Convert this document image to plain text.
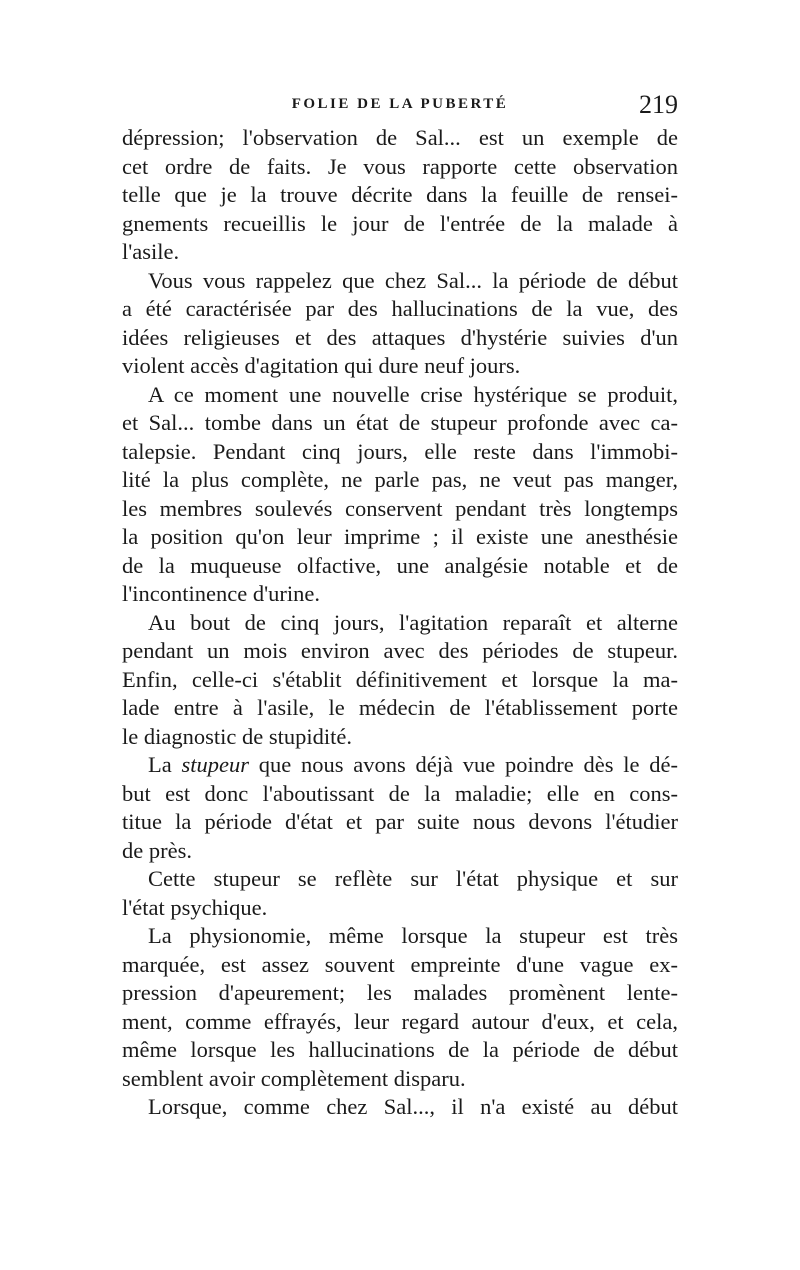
FOLIE DE LA PUBERTÉ	219
dépression; l'observation de Sal... est un exemple de
cet ordre de faits. Je vous rapporte cette observation
telle que je la trouve décrite dans la feuille de rensei-
gnements recueillis le jour de l'entrée de la malade à
l'asile.
Vous vous rappelez que chez Sal... la période de début
a été caractérisée par des hallucinations de la vue, des
idées religieuses et des attaques d'hystérie suivies d'un
violent accès d'agitation qui dure neuf jours.
A ce moment une nouvelle crise hystérique se produit,
et Sal... tombe dans un état de stupeur profonde avec ca-
talepsie. Pendant cinq jours, elle reste dans l'immobi-
lité la plus complète, ne parle pas, ne veut pas manger,
les membres soulevés conservent pendant très longtemps
la position qu'on leur imprime ; il existe une anesthésie
de la muqueuse olfactive, une analgésie notable et de
l'incontinence d'urine.
Au bout de cinq jours, l'agitation reparaît et alterne
pendant un mois environ avec des périodes de stupeur.
Enfin, celle-ci s'établit définitivement et lorsque la ma-
lade entre à l'asile, le médecin de l'établissement porte
le diagnostic de stupidité.
La stupeur que nous avons déjà vue poindre dès le dé-
but est donc l'aboutissant de la maladie; elle en cons-
titue la période d'état et par suite nous devons l'étudier
de près.
Cette stupeur se reflète sur l'état physique et sur
l'état psychique.
La physionomie, même lorsque la stupeur est très
marquée, est assez souvent empreinte d'une vague ex-
pression d'apeurement; les malades promènent lente-
ment, comme effrayés, leur regard autour d'eux, et cela,
même lorsque les hallucinations de la période de début
semblent avoir complètement disparu.
Lorsque, comme chez Sal..., il n'a existé au début
